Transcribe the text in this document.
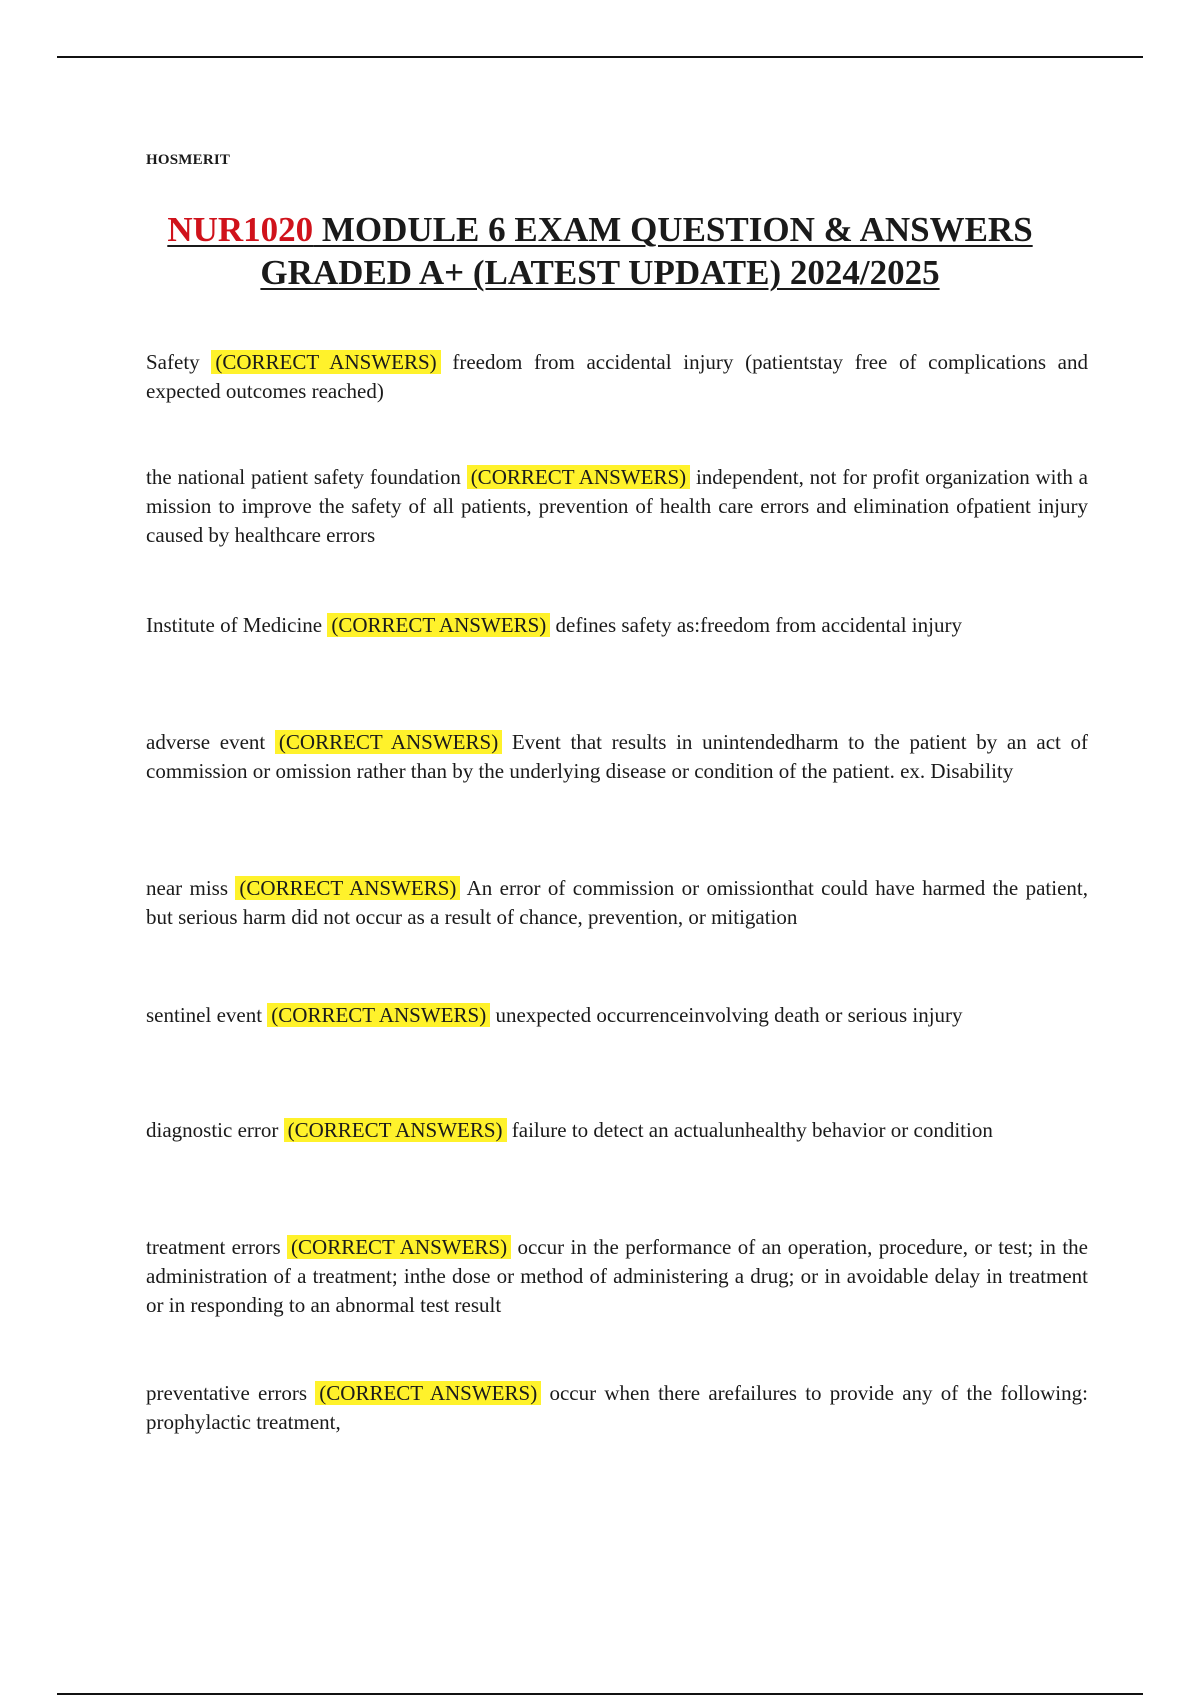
HOSMERIT
NUR1020 MODULE 6 EXAM QUESTION & ANSWERS GRADED A+ (LATEST UPDATE) 2024/2025
Safety (CORRECT ANSWERS) freedom from accidental injury (patientstay free of complications and expected outcomes reached)
the national patient safety foundation (CORRECT ANSWERS) independent, not for profit organization with a mission to improve the safety of all patients, prevention of health care errors and elimination ofpatient injury caused by healthcare errors
Institute of Medicine (CORRECT ANSWERS) defines safety as:freedom from accidental injury
adverse event (CORRECT ANSWERS) Event that results in unintendedharm to the patient by an act of commission or omission rather than by the underlying disease or condition of the patient. ex. Disability
near miss (CORRECT ANSWERS) An error of commission or omissionthat could have harmed the patient, but serious harm did not occur as a result of chance, prevention, or mitigation
sentinel event (CORRECT ANSWERS) unexpected occurrenceinvolving death or serious injury
diagnostic error (CORRECT ANSWERS) failure to detect an actualunhealthy behavior or condition
treatment errors (CORRECT ANSWERS) occur in the performance of an operation, procedure, or test; in the administration of a treatment; inthe dose or method of administering a drug; or in avoidable delay in treatment or in responding to an abnormal test result
preventative errors (CORRECT ANSWERS) occur when there arefailures to provide any of the following: prophylactic treatment,
